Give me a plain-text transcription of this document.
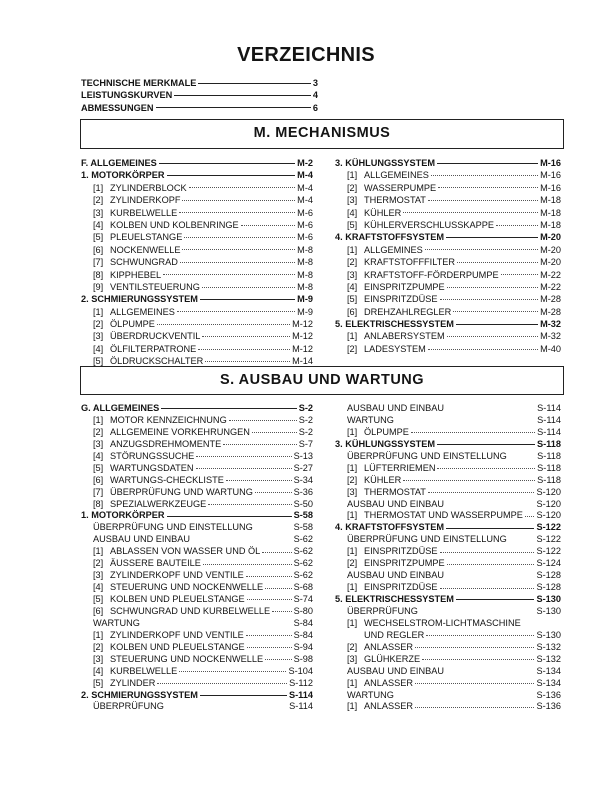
VERZEICHNIS
TECHNISCHE MERKMALE	3
LEISTUNGSKURVEN	4
ABMESSUNGEN	6
M. MECHANISMUS
F. ALLGEMEINES	M-2
1. MOTORKÖRPER	M-4
[1] ZYLINDERBLOCK	M-4
[2] ZYLINDERKOPF	M-4
[3] KURBELWELLE	M-6
[4] KOLBEN UND KOLBENRINGE	M-6
[5] PLEUELSTANGE	M-6
[6] NOCKENWELLE	M-8
[7] SCHWUNGRAD	M-8
[8] KIPPHEBEL	M-8
[9] VENTILSTEUERUNG	M-8
2. SCHMIERUNGSSYSTEM	M-9
[1] ALLGEMEINES	M-9
[2] ÖLPUMPE	M-12
[3] ÜBERDRUCKVENTIL	M-12
[4] ÖLFILTERPATRONE	M-12
[5] ÖLDRUCKSCHALTER	M-14
3. KÜHLUNGSSYSTEM	M-16
[1] ALLGEMEINES	M-16
[2] WASSERPUMPE	M-16
[3] THERMOSTAT	M-18
[4] KÜHLER	M-18
[5] KÜHLERVERSCHLUSSKAPPE	M-18
4. KRAFTSTOFFSYSTEM	M-20
[1] ALLGEMINES	M-20
[2] KRAFTSTOFFFILTER	M-20
[3] KRAFTSTOFF-FÖRDERPUMPE	M-22
[4] EINSPRITZPUMPE	M-22
[5] EINSPRITZDÜSE	M-28
[6] DREHZAHLREGLER	M-28
5. ELEKTRISCHESSYSTEM	M-32
[1] ANLABERSYSTEM	M-32
[2] LADESYSTEM	M-40
S. AUSBAU UND WARTUNG
G. ALLGEMEINES	S-2
[1] MOTOR KENNZEICHNUNG	S-2
[2] ALLGEMEINE VORKEHRUNGEN	S-2
[3] ANZUGSDREHMOMENTE	S-7
[4] STÖRUNGSSUCHE	S-13
[5] WARTUNGSDATEN	S-27
[6] WARTUNGS-CHECKLISTE	S-34
[7] ÜBERPRÜFUNG UND WARTUNG	S-36
[8] SPEZIALWERKZEUGE	S-50
1. MOTORKÖRPER	S-58
ÜBERPRÜFUNG UND EINSTELLUNG	S-58
AUSBAU UND EINBAU	S-62
[1] ABLASSEN VON WASSER UND ÖL	S-62
[2] ÄUSSERE BAUTEILE	S-62
[3] ZYLINDERKOPF UND VENTILE	S-62
[4] STEUERUNG UND NOCKENWELLE	S-68
[5] KOLBEN UND PLEUELSTANGE	S-74
[6] SCHWUNGRAD UND KURBELWELLE	S-80
WARTUNG	S-84
[1] ZYLINDERKOPF UND VENTILE	S-84
[2] KOLBEN UND PLEUELSTANGE	S-94
[3] STEUERUNG UND NOCKENWELLE	S-98
[4] KURBELWELLE	S-104
[5] ZYLINDER	S-112
2. SCHMIERUNGSSYSTEM	S-114
ÜBERPRÜFUNG	S-114
AUSBAU UND EINBAU	S-114
WARTUNG	S-114
[1] ÖLPUMPE	S-114
3. KÜHLUNGSSYSTEM	S-118
ÜBERPRÜFUNG UND EINSTELLUNG	S-118
[1] LÜFTERRIEMEN	S-118
[2] KÜHLER	S-118
[3] THERMOSTAT	S-120
AUSBAU UND EINBAU	S-120
[1] THERMOSTAT UND WASSERPUMPE S-120
4. KRAFTSTOFFSYSTEM	S-122
ÜBERPRÜFUNG UND EINSTELLUNG	S-122
[1] EINSPRITZDÜSE	S-122
[2] EINSPRITZPUMPE	S-124
AUSBAU UND EINBAU	S-128
[1] EINSPRITZDÜSE	S-128
5. ELEKTRISCHESSYSTEM	S-130
ÜBERPRÜFUNG	S-130
[1] WECHSELSTROM-LICHTMASCHINE
UND REGLER	S-130
[2] ANLASSER	S-132
[3] GLÜHKERZE	S-132
AUSBAU UND EINBAU	S-134
[1] ANLASSER	S-134
WARTUNG	S-136
[1] ANLASSER	S-136
